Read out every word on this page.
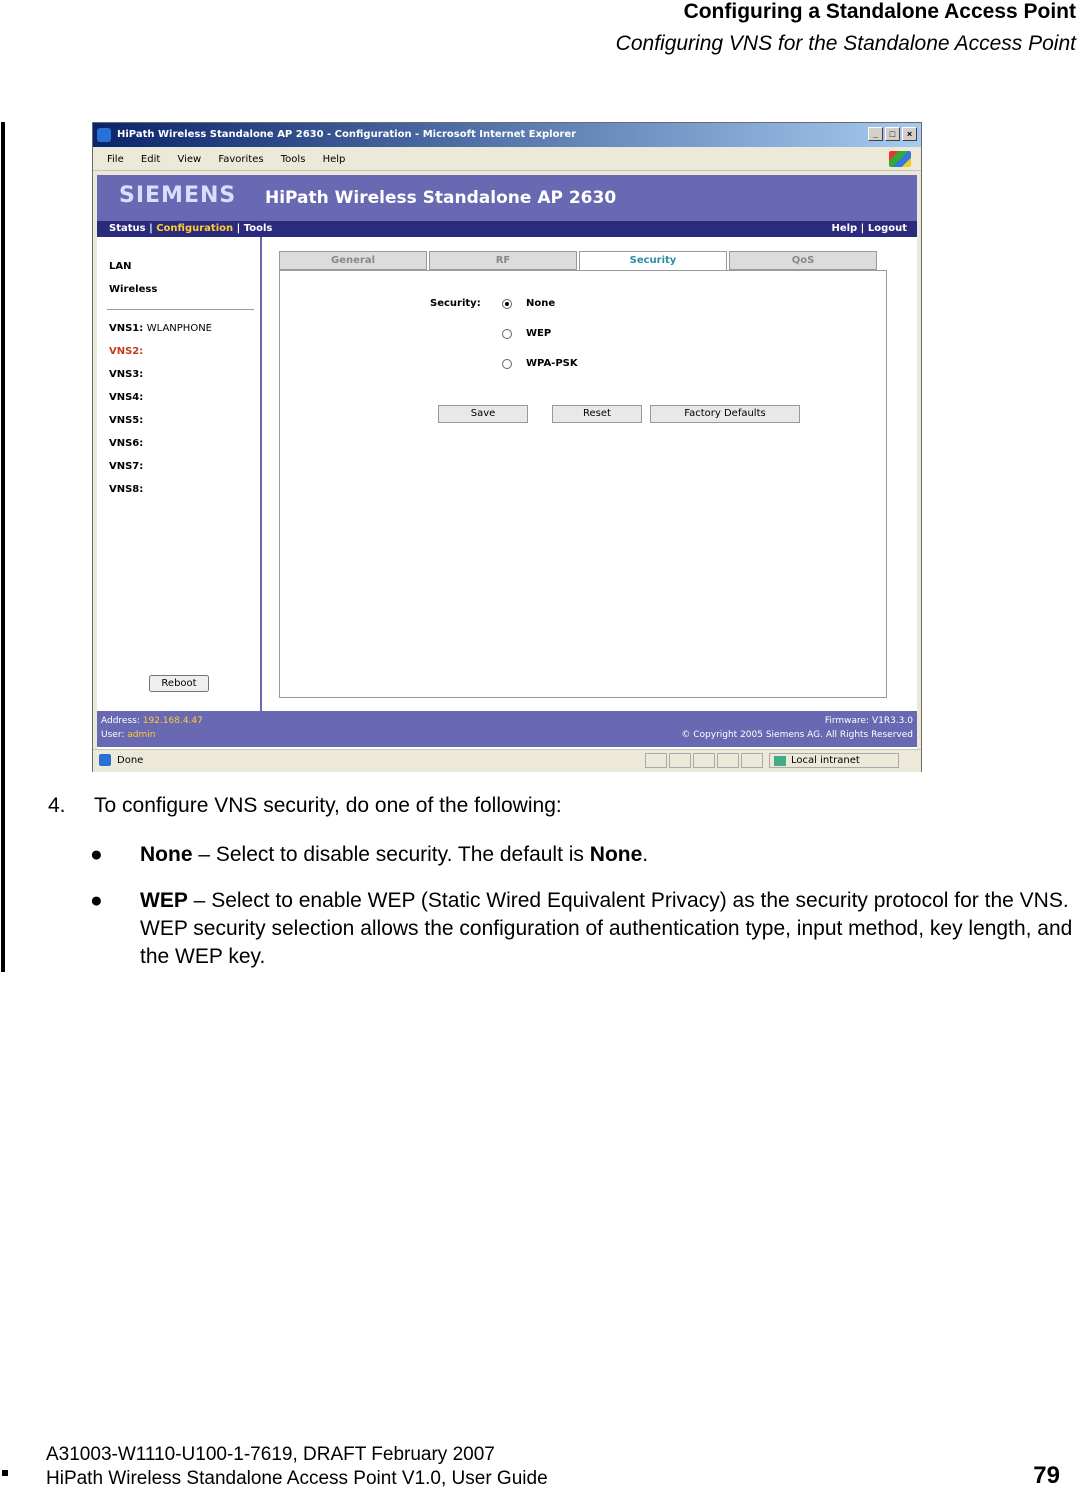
Configuring a Standalone Access Point
Configuring VNS for the Standalone Access Point
HiPath Wireless Standalone AP 2630 - Configuration - Microsoft Internet Explorer	_	□	×
File Edit View Favorites Tools Help
SIEMENS HiPath Wireless Standalone AP 2630
Status | Configuration | Tools	Help | Logout
LAN
Wireless
VNS1: WLANPHONE
VNS2:
VNS3:
VNS4:
VNS5:
VNS6:
VNS7:
VNS8:
Reboot
General	RF	Security	QoS
Security:	None
WEP
WPA-PSK
Save	Reset	Factory Defaults
Address: 192.168.4.47
User: admin
Firmware: V1R3.3.0
© Copyright 2005 Siemens AG. All Rights Reserved
Done	Local intranet
4. To configure VNS security, do one of the following:
● None – Select to disable security. The default is None.
● WEP – Select to enable WEP (Static Wired Equivalent Privacy) as the security protocol for the VNS. WEP security selection allows the configuration of authentication type, input method, key length, and the WEP key.
A31003-W1110-U100-1-7619, DRAFT February 2007
HiPath Wireless Standalone Access Point V1.0, User Guide	79
